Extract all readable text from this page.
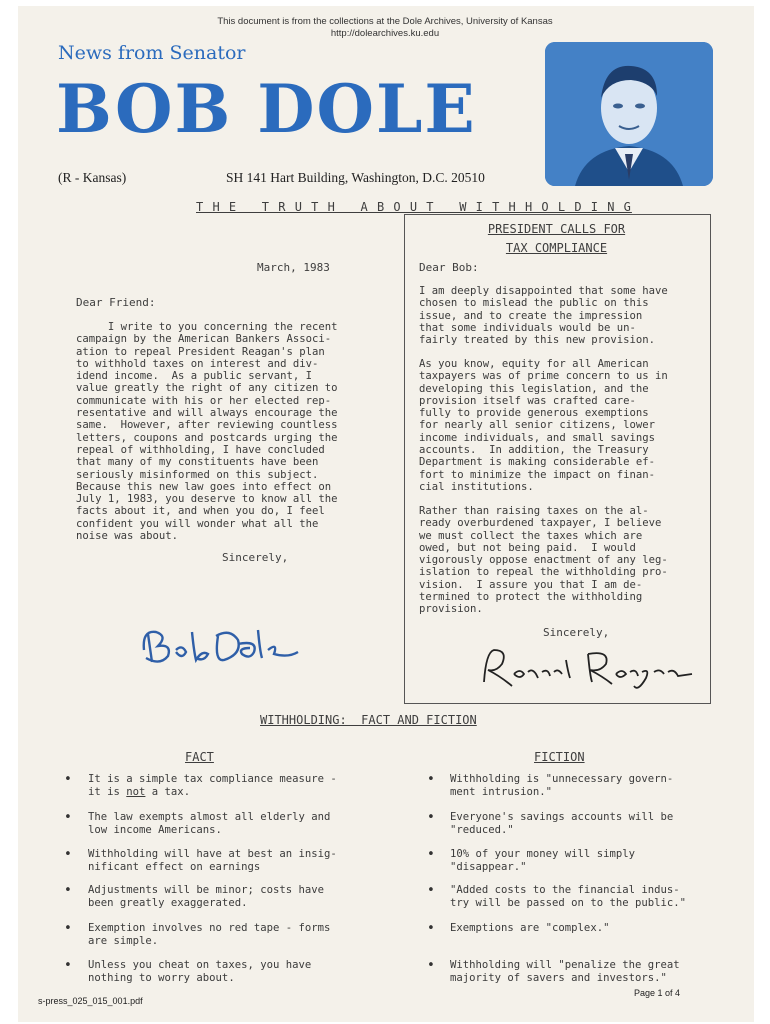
This document is from the collections at the Dole Archives, University of Kansas
http://dolearchives.ku.edu
News from Senator
BOB DOLE
(R - Kansas)	SH 141 Hart Building, Washington, D.C. 20510
T H E   T R U T H   A B O U T   W I T H H O L D I N G
March, 1983
Dear Friend:
I write to you concerning the recent
campaign by the American Bankers Associ-
ation to repeal President Reagan's plan
to withhold taxes on interest and div-
idend income.  As a public servant, I
value greatly the right of any citizen to
communicate with his or her elected rep-
resentative and will always encourage the
same.  However, after reviewing countless
letters, coupons and postcards urging the
repeal of withholding, I have concluded
that many of my constituents have been
seriously misinformed on this subject.
Because this new law goes into effect on
July 1, 1983, you deserve to know all the
facts about it, and when you do, I feel
confident you will wonder what all the
noise was about.
Sincerely,
PRESIDENT CALLS FOR
TAX COMPLIANCE
Dear Bob:
I am deeply disappointed that some have
chosen to mislead the public on this
issue, and to create the impression
that some individuals would be un-
fairly treated by this new provision.
As you know, equity for all American
taxpayers was of prime concern to us in
developing this legislation, and the
provision itself was crafted care-
fully to provide generous exemptions
for nearly all senior citizens, lower
income individuals, and small savings
accounts.  In addition, the Treasury
Department is making considerable ef-
fort to minimize the impact on finan-
cial institutions.
Rather than raising taxes on the al-
ready overburdened taxpayer, I believe
we must collect the taxes which are
owed, but not being paid.  I would
vigorously oppose enactment of any leg-
islation to repeal the withholding pro-
vision.  I assure you that I am de-
termined to protect the withholding
provision.
Sincerely,
WITHHOLDING:  FACT AND FICTION
FACT	FICTION
• It is a simple tax compliance measure -
it is not a tax.
• The law exempts almost all elderly and
low income Americans.
• Withholding will have at best an insig-
nificant effect on earnings
• Adjustments will be minor; costs have
been greatly exaggerated.
• Exemption involves no red tape - forms
are simple.
• Unless you cheat on taxes, you have
nothing to worry about.
• Withholding is "unnecessary govern-
ment intrusion."
• Everyone's savings accounts will be
"reduced."
• 10% of your money will simply
"disappear."
• "Added costs to the financial indus-
try will be passed on to the public."
• Exemptions are "complex."
• Withholding will "penalize the great
majority of savers and investors."
s-press_025_015_001.pdf
Page 1 of 4
